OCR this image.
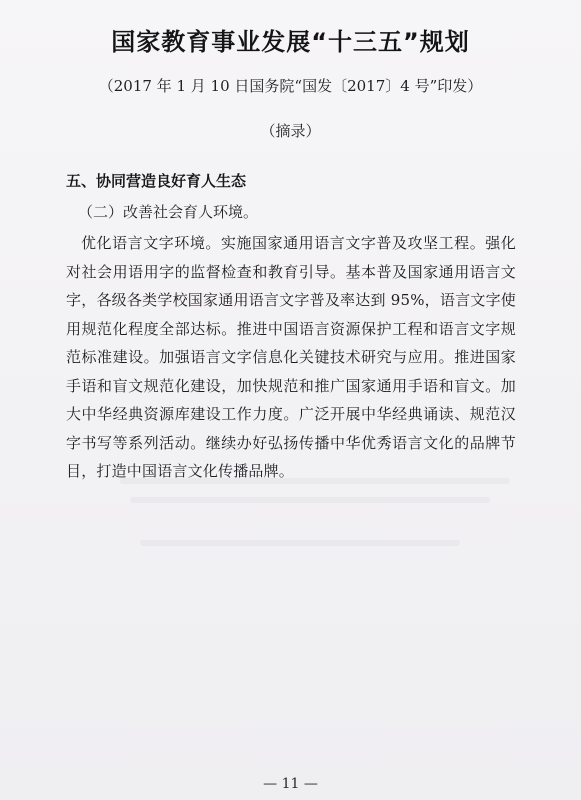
国家教育事业发展“十三五”规划
（2017 年 1 月 10 日国务院“国发〔2017〕4 号”印发）
（摘录）
五、协同营造良好育人生态
（二）改善社会育人环境。
优化语言文字环境。实施国家通用语言文字普及攻坚工程。强化对社会用语用字的监督检查和教育引导。基本普及国家通用语言文字，各级各类学校国家通用语言文字普及率达到 95%，语言文字使用规范化程度全部达标。推进中国语言资源保护工程和语言文字规范标准建设。加强语言文字信息化关键技术研究与应用。推进国家手语和盲文规范化建设，加快规范和推广国家通用手语和盲文。加大中华经典资源库建设工作力度。广泛开展中华经典诵读、规范汉字书写等系列活动。继续办好弘扬传播中华优秀语言文化的品牌节目，打造中国语言文化传播品牌。
— 11 —
